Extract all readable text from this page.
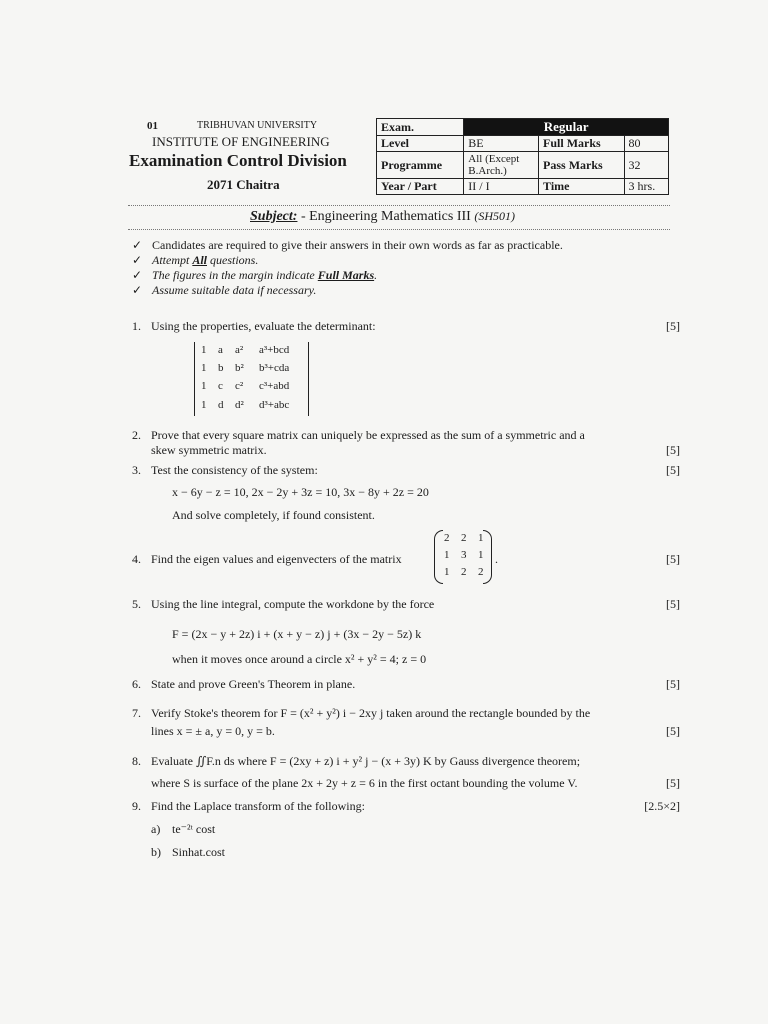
01	TRIBHUVAN UNIVERSITY
INSTITUTE OF ENGINEERING
Examination Control Division
2071 Chaitra
Exam.	Regular		
Level	BE	Full Marks	80
Programme	All (Except
B.Arch.)	Pass Marks	32
Year / Part	II / I	Time	3 hrs.
Subject: - Engineering Mathematics III (SH501)
✓ Candidates are required to give their answers in their own words as far as practicable.
✓ Attempt All questions.
✓ The figures in the margin indicate Full Marks.
✓ Assume suitable data if necessary.
1. Using the properties, evaluate the determinant:	[5]
1 a a² a³+bcd
1 b b² b³+cda
1 c c² c³+abd
1 d d² d³+abc
2. Prove that every square matrix can uniquely be expressed as the sum of a symmetric and a
skew symmetric matrix.	[5]
3. Test the consistency of the system:	[5]
x − 6y − z = 10, 2x − 2y + 3z = 10, 3x − 8y + 2z = 20
And solve completely, if found consistent.
4. Find the eigen values and eigenvecters of the matrix
2 2 1
1 3 1
1 2 2
.	[5]
5. Using the line integral, compute the workdone by the force	[5]
F = (2x − y + 2z) i + (x + y − z) j + (3x − 2y − 5z) k
when it moves once around a circle x² + y² = 4; z = 0
6. State and prove Green's Theorem in plane.	[5]
7. Verify Stoke's theorem for F = (x² + y²) i − 2xy j taken around the rectangle bounded by the
lines x = ± a, y = 0, y = b.	[5]
8. Evaluate ∬F.n ds where F = (2xy + z) i + y² j − (x + 3y) K by Gauss divergence theorem;
where S is surface of the plane 2x + 2y + z = 6 in the first octant bounding the volume V.	[5]
9. Find the Laplace transform of the following:	[2.5×2]
a) te⁻²ᵗ cost
b) Sinhat.cost
